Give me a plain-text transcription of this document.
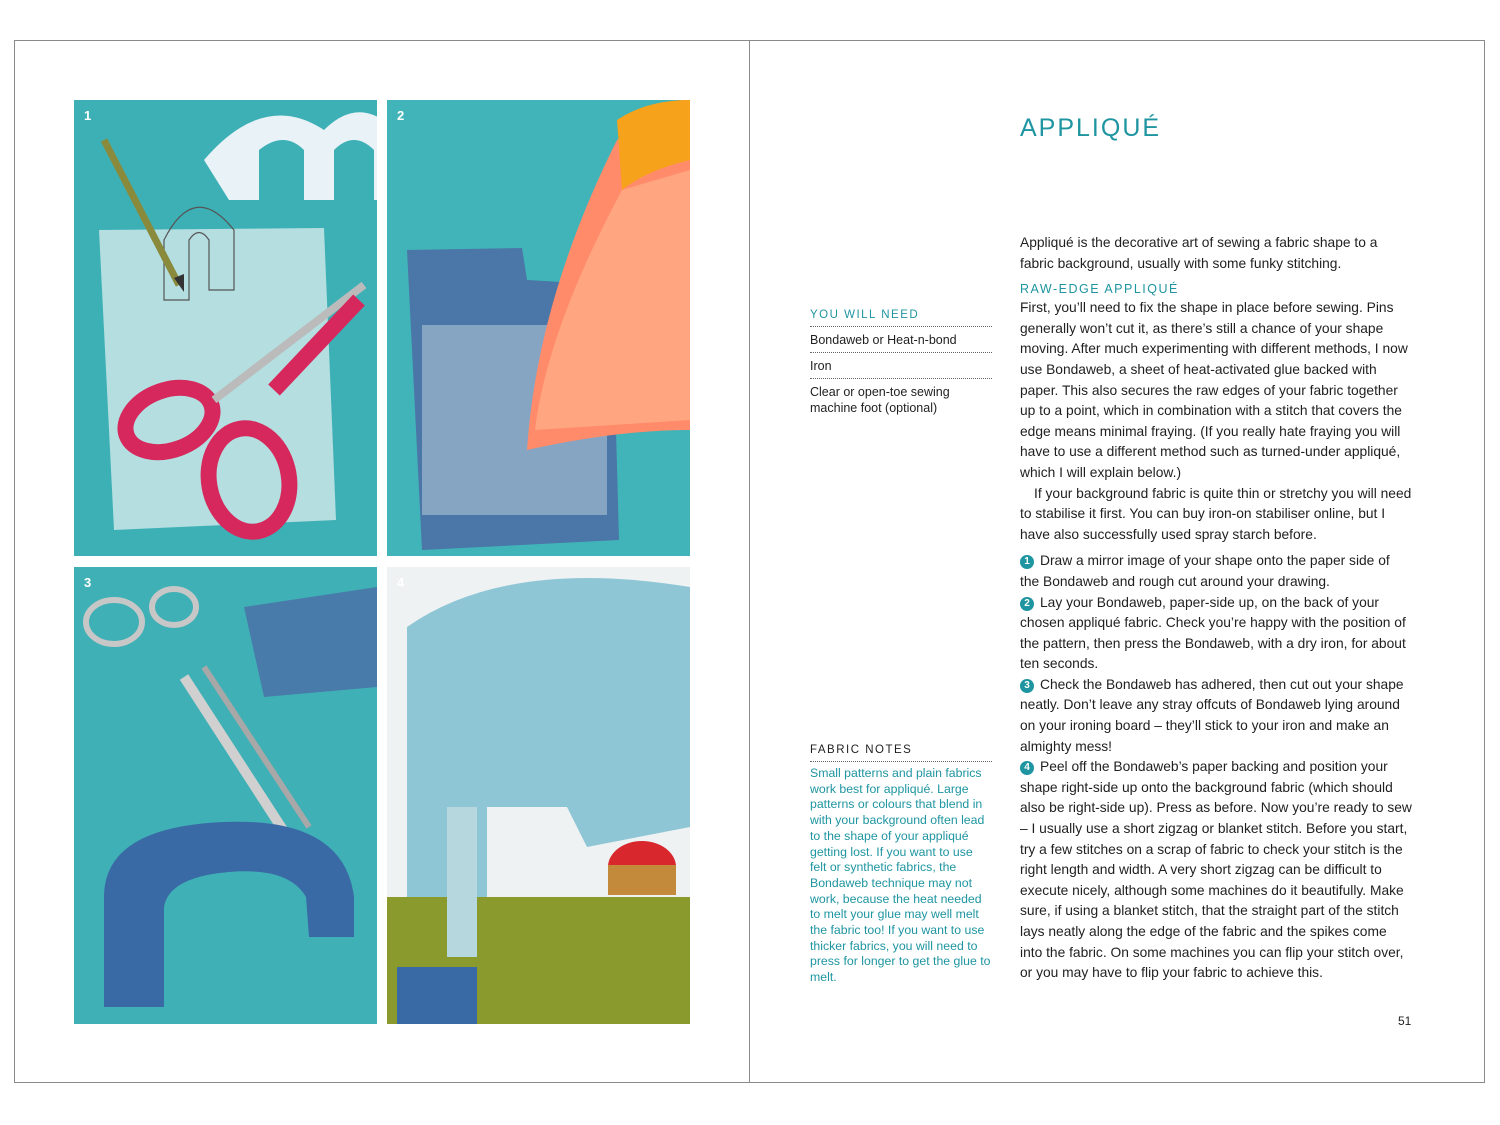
1	2
3	4
APPLIQUÉ
YOU WILL NEED
Bondaweb or Heat-n-bond
Iron
Clear or open-toe sewing machine foot (optional)
FABRIC NOTES
Small patterns and plain fabrics work best for appliqué. Large patterns or colours that blend in with your background often lead to the shape of your appliqué getting lost. If you want to use felt or synthetic fabrics, the Bondaweb technique may not work, because the heat needed to melt your glue may well melt the fabric too! If you want to use thicker fabrics, you will need to press for longer to get the glue to melt.

Appliqué is the decorative art of sewing a fabric shape to a fabric background, usually with some funky stitching.

RAW-EDGE APPLIQUÉ

First, you’ll need to fix the shape in place before sewing. Pins generally won’t cut it, as there’s still a chance of your shape moving. After much experimenting with different methods, I now use Bondaweb, a sheet of heat-activated glue backed with paper. This also secures the raw edges of your fabric together up to a point, which in combination with a stitch that covers the edge means minimal fraying. (If you really hate fraying you will have to use a different method such as turned-under appliqué, which I will explain below.)

If your background fabric is quite thin or stretchy you will need to stabilise it first. You can buy iron-on stabiliser online, but I have also successfully used spray starch before.

1 Draw a mirror image of your shape onto the paper side of the Bondaweb and rough cut around your drawing.

2 Lay your Bondaweb, paper-side up, on the back of your chosen appliqué fabric. Check you’re happy with the position of the pattern, then press the Bondaweb, with a dry iron, for about ten seconds.

3 Check the Bondaweb has adhered, then cut out your shape neatly. Don’t leave any stray offcuts of Bondaweb lying around on your ironing board – they’ll stick to your iron and make an almighty mess!

4 Peel off the Bondaweb’s paper backing and position your shape right-side up onto the background fabric (which should also be right-side up). Press as before. Now you’re ready to sew – I usually use a short zigzag or blanket stitch. Before you start, try a few stitches on a scrap of fabric to check your stitch is the right length and width. A very short zigzag can be difficult to execute nicely, although some machines do it beautifully. Make sure, if using a blanket stitch, that the straight part of the stitch lays neatly along the edge of the fabric and the spikes come into the fabric. On some machines you can flip your stitch over, or you may have to flip your fabric to achieve this.

51
